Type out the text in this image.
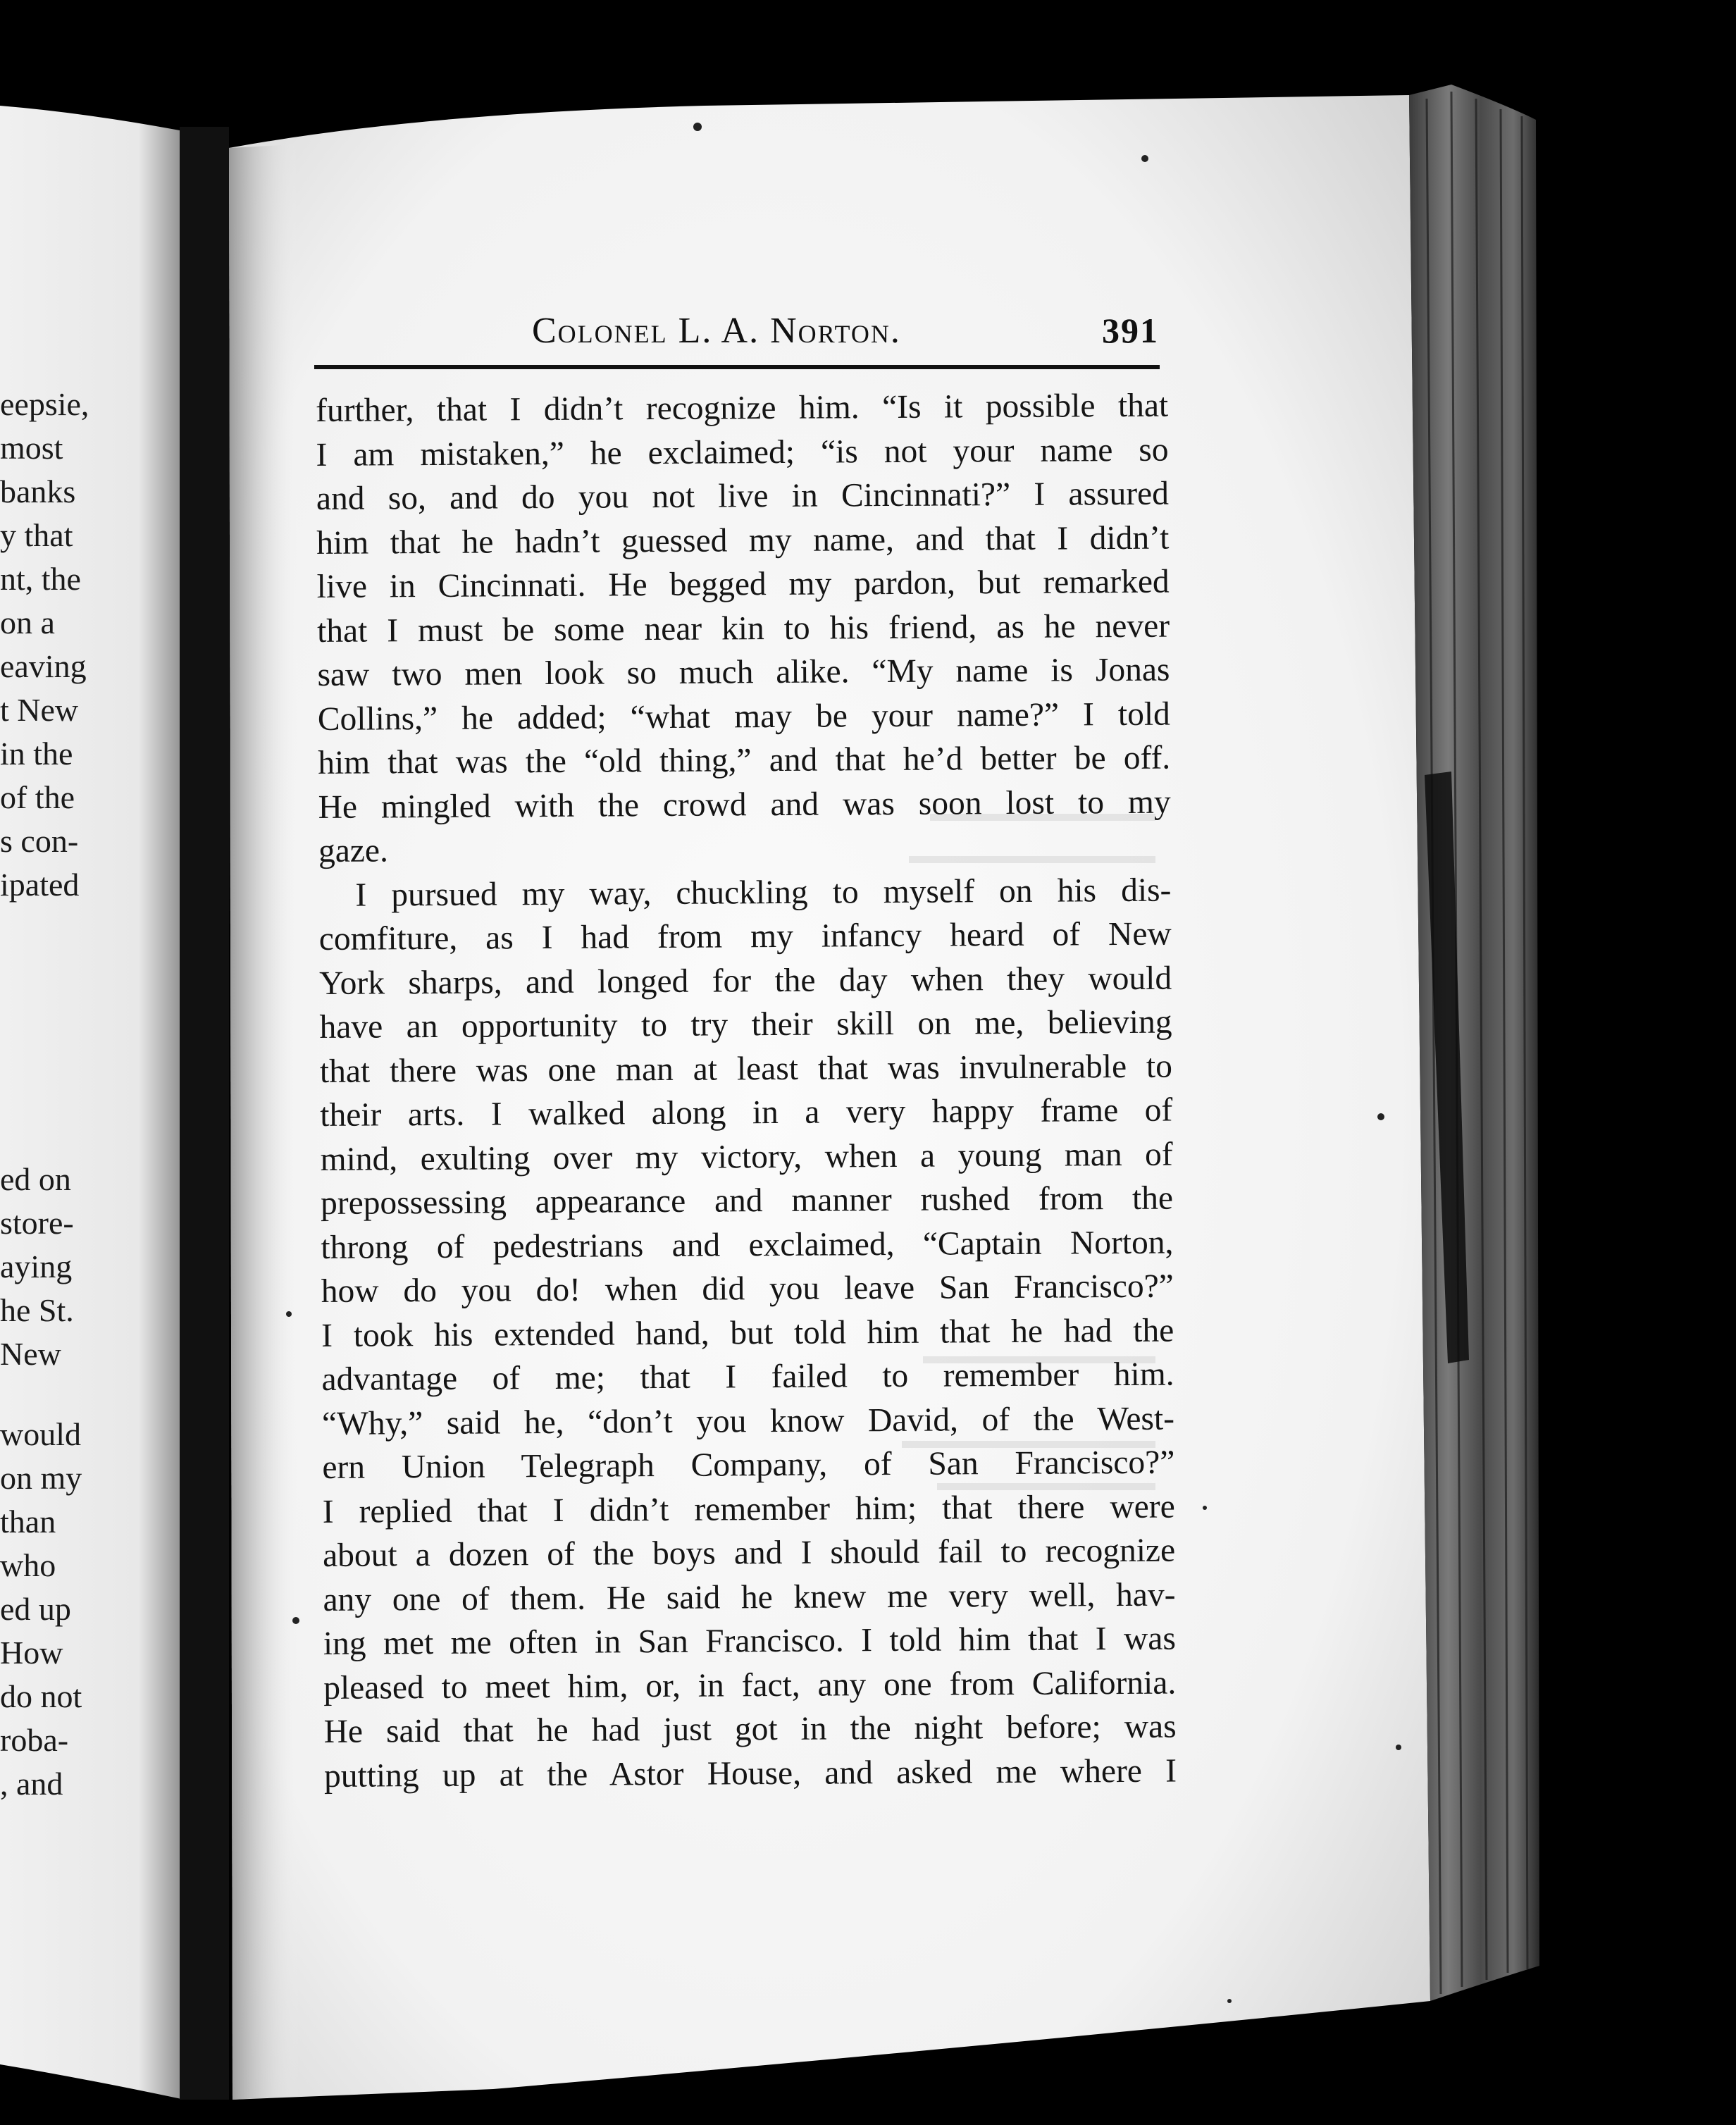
eepsie,
most
banks
y that
nt, the
on a
eaving
t New
in the
of the
s con-
ipated
ed on
store-
aying
he St.
New
would
on my
than
who
ed up
How
do not
roba-
, and
Colonel L. A. Norton.	391
further, that I didn’t recognize him. “Is it possible that
I am mistaken,” he exclaimed; “is not your name so
and so, and do you not live in Cincinnati?” I assured
him that he hadn’t guessed my name, and that I didn’t
live in Cincinnati. He begged my pardon, but remarked
that I must be some near kin to his friend, as he never
saw two men look so much alike. “My name is Jonas
Collins,” he added; “what may be your name?” I told
him that was the “old thing,” and that he’d better be off.
He mingled with the crowd and was soon lost to my
gaze.
I pursued my way, chuckling to myself on his dis-
comfiture, as I had from my infancy heard of New
York sharps, and longed for the day when they would
have an opportunity to try their skill on me, believing
that there was one man at least that was invulnerable to
their arts. I walked along in a very happy frame of
mind, exulting over my victory, when a young man of
prepossessing appearance and manner rushed from the
throng of pedestrians and exclaimed, “Captain Norton,
how do you do! when did you leave San Francisco?”
I took his extended hand, but told him that he had the
advantage of me; that I failed to remember him.
“Why,” said he, “don’t you know David, of the West-
ern Union Telegraph Company, of San Francisco?”
I replied that I didn’t remember him; that there were
about a dozen of the boys and I should fail to recognize
any one of them. He said he knew me very well, hav-
ing met me often in San Francisco. I told him that I was
pleased to meet him, or, in fact, any one from California.
He said that he had just got in the night before; was
putting up at the Astor House, and asked me where I
